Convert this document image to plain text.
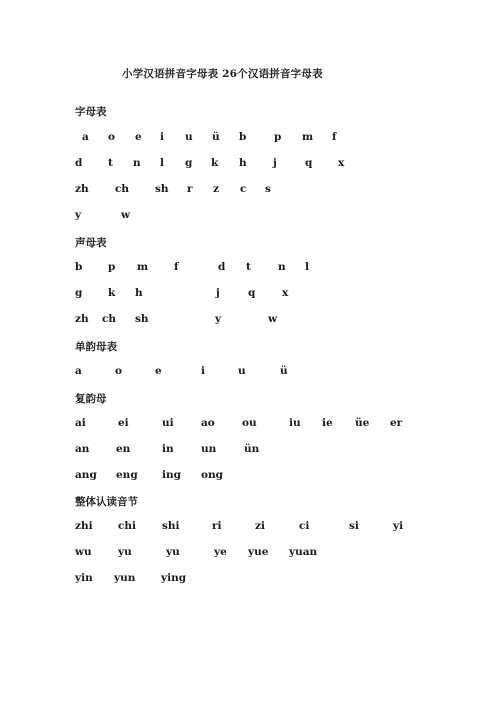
小学汉语拼音字母表 26个汉语拼音字母表
字母表
a o e i u ü b	p m f
d t n l g k h	j	q x
zh	ch sh r z c s
y	w
声母表
b p m f	d t	n l
g k h	j	q	x
zh ch sh	y	w
单韵母表
a	o	e	i	u	ü
复韵母
ai	ei	ui	ao	ou	iu ie üe er
an	en	in	un	ün
ang eng ing ong
整体认读音节
zhi chi shi	ri	zi	ci	si	yi
wu	yu	yu	ye yue yuan
yin yun ying
